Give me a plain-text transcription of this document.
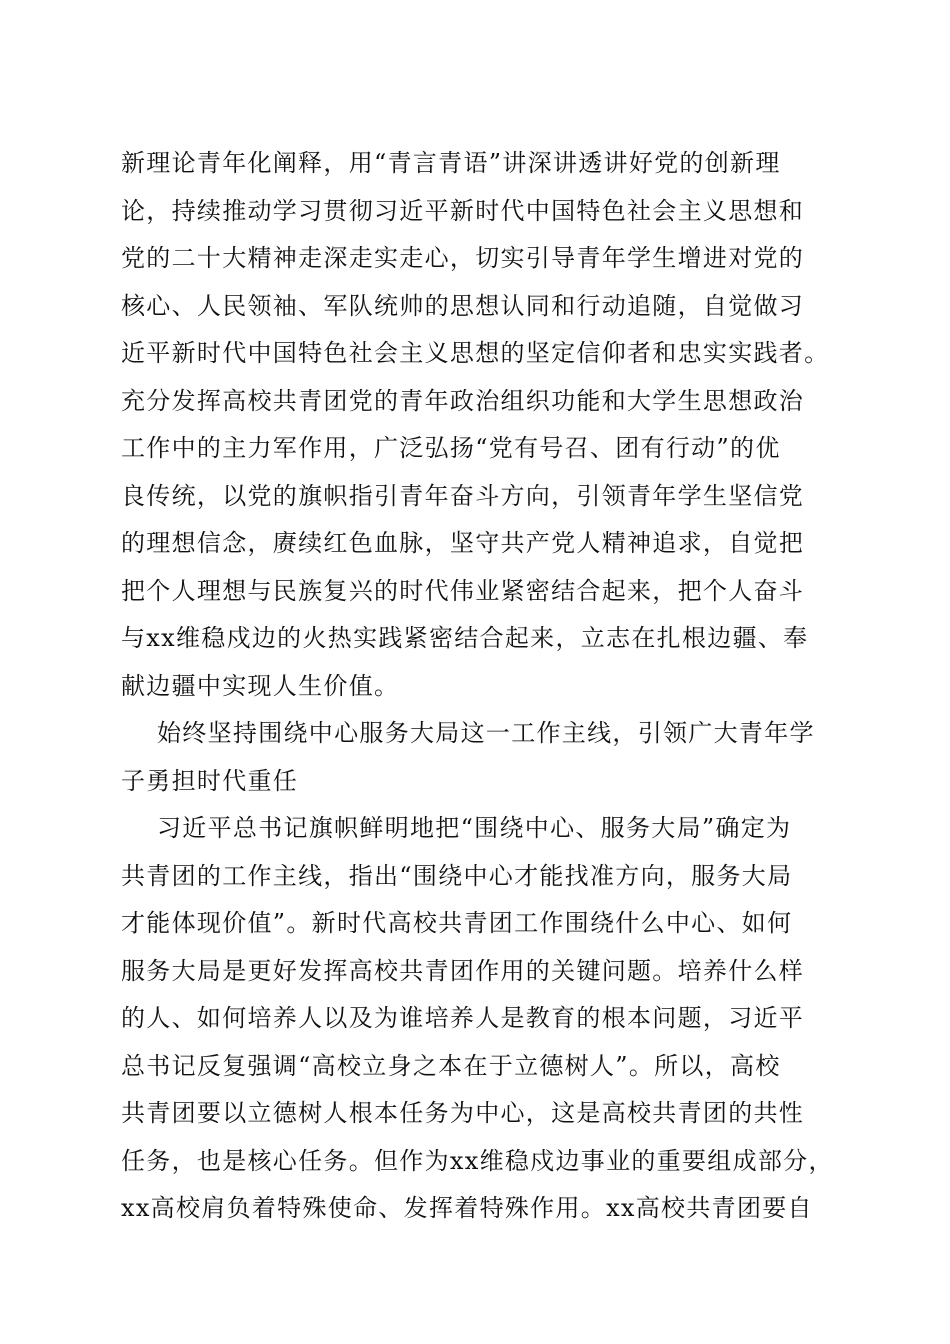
新理论青年化阐释，用“青言青语”讲深讲透讲好党的创新理
论，持续推动学习贯彻习近平新时代中国特色社会主义思想和
党的二十大精神走深走实走心，切实引导青年学生增进对党的
核心、人民领袖、军队统帅的思想认同和行动追随，自觉做习
近平新时代中国特色社会主义思想的坚定信仰者和忠实实践者。
充分发挥高校共青团党的青年政治组织功能和大学生思想政治
工作中的主力军作用，广泛弘扬“党有号召、团有行动”的优
良传统，以党的旗帜指引青年奋斗方向，引领青年学生坚信党
的理想信念，赓续红色血脉，坚守共产党人精神追求，自觉把
把个人理想与民族复兴的时代伟业紧密结合起来，把个人奋斗
与xx维稳戍边的火热实践紧密结合起来，立志在扎根边疆、奉
献边疆中实现人生价值。
始终坚持围绕中心服务大局这一工作主线，引领广大青年学
子勇担时代重任
习近平总书记旗帜鲜明地把“围绕中心、服务大局”确定为
共青团的工作主线，指出“围绕中心才能找准方向，服务大局
才能体现价值”。新时代高校共青团工作围绕什么中心、如何
服务大局是更好发挥高校共青团作用的关键问题。培养什么样
的人、如何培养人以及为谁培养人是教育的根本问题，习近平
总书记反复强调“高校立身之本在于立德树人”。所以，高校
共青团要以立德树人根本任务为中心，这是高校共青团的共性
任务，也是核心任务。但作为xx维稳戍边事业的重要组成部分，
xx高校肩负着特殊使命、发挥着特殊作用。xx高校共青团要自
